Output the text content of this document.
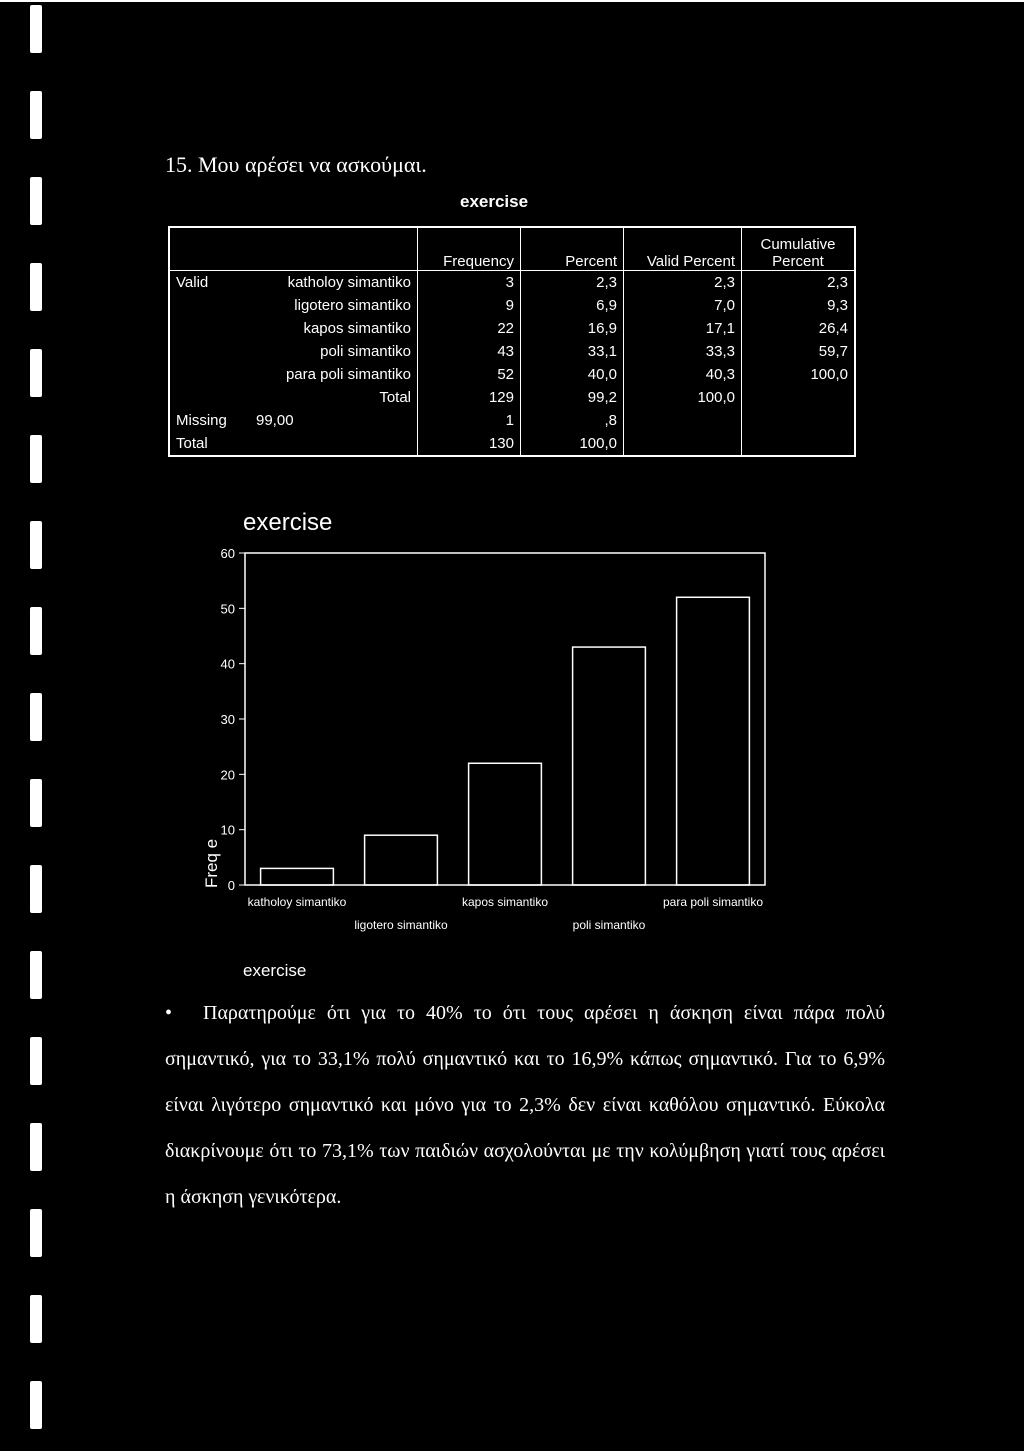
15. Μου αρέσει να ασκούμαι.
exercise
		Frequency	Percent	Valid Percent	Cumulative Percent
Valid	katholoy simantiko	3	2,3	2,3	2,3
	ligotero simantiko	9	6,9	7,0	9,3
	kapos simantiko	22	16,9	17,1	26,4
	poli simantiko	43	33,1	33,3	59,7
	para poli simantiko	52	40,0	40,3	100,0
	Total	129	99,2	100,0	
Missing	99,00	1	,8		
Total		130	100,0		
exercise
0
10
20
30
40
50
60
katholoy simantiko
ligotero simantiko
kapos simantiko
poli simantiko
para poli simantiko
Freq e
exercise
•	Παρατηρούμε ότι για το 40% το ότι τους αρέσει η άσκηση είναι πάρα πολύ σημαντικό, για το 33,1% πολύ σημαντικό και το 16,9% κάπως σημαντικό. Για το 6,9% είναι λιγότερο σημαντικό και μόνο για το 2,3% δεν είναι καθόλου σημαντικό. Εύκολα διακρίνουμε ότι το 73,1% των παιδιών ασχολούνται με την κολύμβηση γιατί τους αρέσει η άσκηση γενικότερα.
